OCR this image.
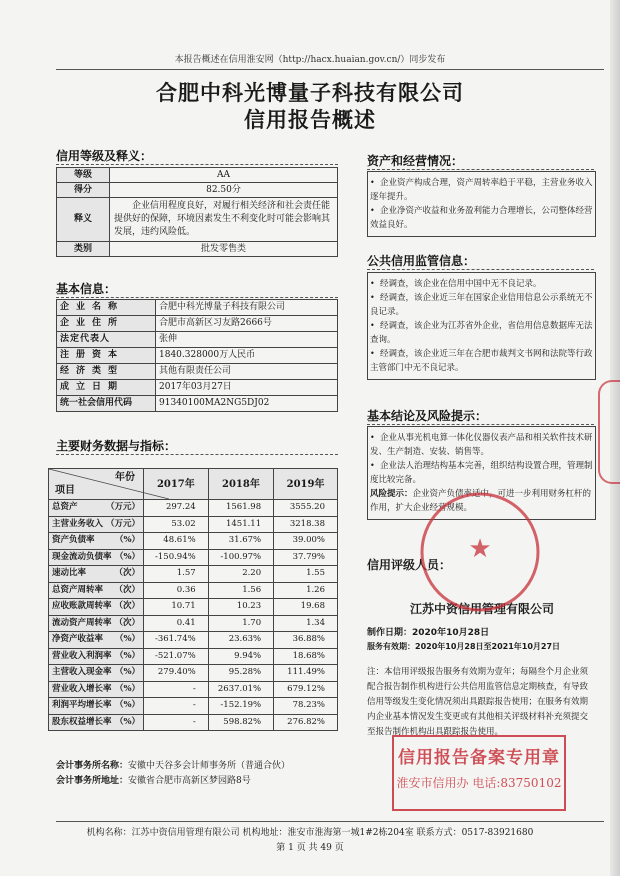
本报告概述在信用淮安网（http://hacx.huaian.gov.cn/）同步发布
合肥中科光博量子科技有限公司
信用报告概述
信用等级及释义：
等级	AA
得分	82.50分
释义	企业信用程度良好，对履行相关经济和社会责任能提供好的保障，环境因素发生不利变化时可能会影响其发展，违约风险低。
类别	批发零售类
基本信息：
企业名称	合肥中科光博量子科技有限公司
企业住所	合肥市高新区习友路2666号
法定代表人	张伸
注册资本	1840.328000万人民币
经济类型	其他有限责任公司
成立日期	2017年03月27日
统一社会信用代码	91340100MA2NG5DJ02
主要财务数据与指标：
年份
项目	2017年	2018年	2019年
总资产 （万元）	297.24	1561.98	3555.20
主营业务收入 （万元）	53.02	1451.11	3218.38
资产负债率 （%）	48.61%	31.67%	39.00%
现金流动负债率 （%）	-150.94%	-100.97%	37.79%
速动比率 （次）	1.57	2.20	1.55
总资产周转率 （次）	0.36	1.56	1.26
应收账款周转率 （次）	10.71	10.23	19.68
流动资产周转率 （次）	0.41	1.70	1.34
净资产收益率 （%）	-361.74%	23.63%	36.88%
营业收入利润率 （%）	-521.07%	9.94%	18.68%
主营收入现金率 （%）	279.40%	95.28%	111.49%
营业收入增长率 （%）	-	2637.01%	679.12%
利润平均增长率 （%）	-	-152.19%	78.23%
股东权益增长率 （%）	-	598.82%	276.82%
会计事务所名称：安徽中天谷多会计师事务所（普通合伙）
会计事务所地址：安徽省合肥市高新区梦园路8号
资产和经营情况：

• 企业资产构成合理，资产周转率趋于平稳，主营业务收入逐年提升。

• 企业净资产收益和业务盈利能力合理增长，公司整体经营效益良好。

公共信用监管信息：

• 经调查，该企业在信用中国中无不良记录。

• 经调查，该企业近三年在国家企业信用信息公示系统无不良记录。

• 经调查，该企业为江苏省外企业，省信用信息数据库无法查询。

• 经调查，该企业近三年在合肥市裁判文书网和法院等行政主管部门中无不良记录。

基本结论及风险提示：

• 企业从事光机电算一体化仪器仪表产品和相关软件技术研发、生产制造、安装、销售等。

• 企业法人治理结构基本完善，组织结构设置合理，管理制度比较完备。

风险提示：企业资产负债率适中，可进一步利用财务杠杆的作用，扩大企业经营规模。

信用评级人员：
江苏中资信用管理有限公司
制作日期：2020年10月28日
服务有效期：2020年10月28日至2021年10月27日
注：本信用评级报告服务有效期为壹年；每隔叁个月企业须配合报告制作机构进行公共信用监管信息定期核查，有导致信用等级发生变化情况须出具跟踪报告使用；在服务有效期内企业基本情况发生变更或有其他相关评级材料补充须提交至报告制作机构出具跟踪报告使用。
★
信用报告备案专用章
淮安市信用办 电话:83750102
机构名称：江苏中资信用管理有限公司 机构地址：淮安市淮海第一城1#2栋204室 联系方式：0517-83921680
第 1 页 共 49 页
